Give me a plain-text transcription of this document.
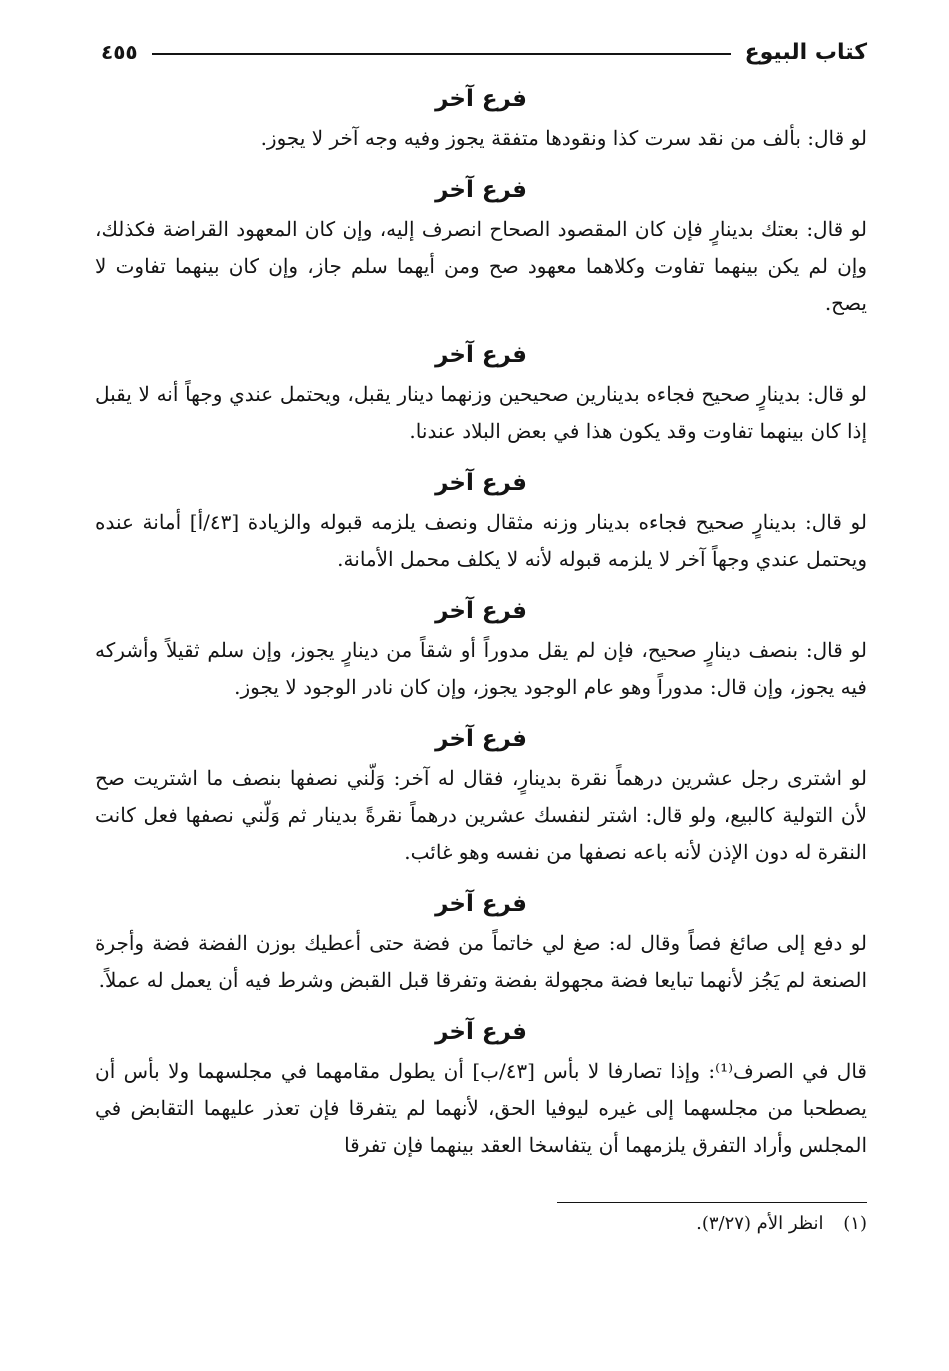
كتاب البيوع
٤٥٥
فرع آخر

لو قال: بألف من نقد سرت كذا ونقودها متفقة يجوز وفيه وجه آخر لا يجوز.

فرع آخر

لو قال: بعتك بدينارٍ فإن كان المقصود الصحاح انصرف إليه، وإن كان المعهود القراضة فكذلك، وإن لم يكن بينهما تفاوت وكلاهما معهود صح ومن أيهما سلم جاز، وإن كان بينهما تفاوت لا يصح.

فرع آخر

لو قال: بدينارٍ صحيح فجاءه بدينارين صحيحين وزنهما دينار يقبل، ويحتمل عندي وجهاً أنه لا يقبل إذا كان بينهما تفاوت وقد يكون هذا في بعض البلاد عندنا.

فرع آخر

لو قال: بدينارٍ صحيح فجاءه بدينار وزنه مثقال ونصف يلزمه قبوله والزيادة [٤٣/أ] أمانة عنده ويحتمل عندي وجهاً آخر لا يلزمه قبوله لأنه لا يكلف محمل الأمانة.

فرع آخر

لو قال: بنصف دينارٍ صحيح، فإن لم يقل مدوراً أو شقاً من دينارٍ يجوز، وإن سلم ثقيلاً وأشركه فيه يجوز، وإن قال: مدوراً وهو عام الوجود يجوز، وإن كان نادر الوجود لا يجوز.

فرع آخر

لو اشترى رجل عشرين درهماً نقرة بدينارٍ، فقال له آخر: وَلّني نصفها بنصف ما اشتريت صح لأن التولية كالبيع، ولو قال: اشتر لنفسك عشرين درهماً نقرةً بدينار ثم وَلّني نصفها فعل كانت النقرة له دون الإذن لأنه باعه نصفها من نفسه وهو غائب.

فرع آخر

لو دفع إلى صائغ فصاً وقال له: صغ لي خاتماً من فضة حتى أعطيك بوزن الفضة فضة وأجرة الصنعة لم يَجُز لأنهما تبايعا فضة مجهولة بفضة وتفرقا قبل القبض وشرط فيه أن يعمل له عملاً.

فرع آخر

قال في الصرف⁽¹⁾: وإذا تصارفا لا بأس [٤٣/ب] أن يطول مقامهما في مجلسهما ولا بأس أن يصطحبا من مجلسهما إلى غيره ليوفيا الحق، لأنهما لم يتفرقا فإن تعذر عليهما التقابض في المجلس وأراد التفرق يلزمهما أن يتفاسخا العقد بينهما فإن تفرقا

(١) انظر الأم (٣/٢٧).
